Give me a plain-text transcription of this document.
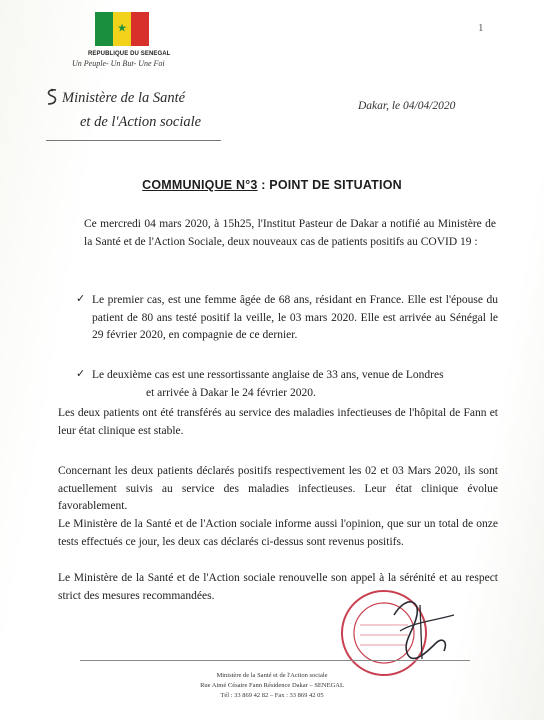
1
★
REPUBLIQUE DU SENEGAL
Un Peuple- Un But- Une Foi
Ministère de la Santé
et de l'Action sociale
Dakar, le 04/04/2020
COMMUNIQUE N°3 : POINT DE SITUATION

Ce mercredi 04 mars 2020, à 15h25, l'Institut Pasteur de Dakar a notifié au Ministère de la Santé et de l'Action Sociale, deux nouveaux cas de patients positifs au COVID 19 :

✓ Le premier cas, est une femme âgée de 68 ans, résidant en France. Elle est l'épouse du patient de 80 ans testé positif la veille, le 03 mars 2020. Elle est arrivée au Sénégal le 29 février 2020, en compagnie de ce dernier.

✓ Le deuxième cas est une ressortissante anglaise de 33 ans, venue de Londres
et arrivée à Dakar le 24 février 2020.

Les deux patients ont été transférés au service des maladies infectieuses de l'hôpital de Fann et leur état clinique est stable.

Concernant les deux patients déclarés positifs respectivement les 02 et 03 Mars 2020, ils sont actuellement suivis au service des maladies infectieuses. Leur état clinique évolue favorablement.

Le Ministère de la Santé et de l'Action sociale informe aussi l'opinion, que sur un total de onze tests effectués ce jour, les deux cas déclarés ci-dessus sont revenus positifs.

Le Ministère de la Santé et de l'Action sociale renouvelle son appel à la sérénité et au respect strict des mesures recommandées.

Ministère de la Santé et de l'Action sociale
Rue Aimé Césaire Fann Résidence Dakar – SENEGAL
Tél : 33 869 42 82 – Fax : 33 869 42 05
